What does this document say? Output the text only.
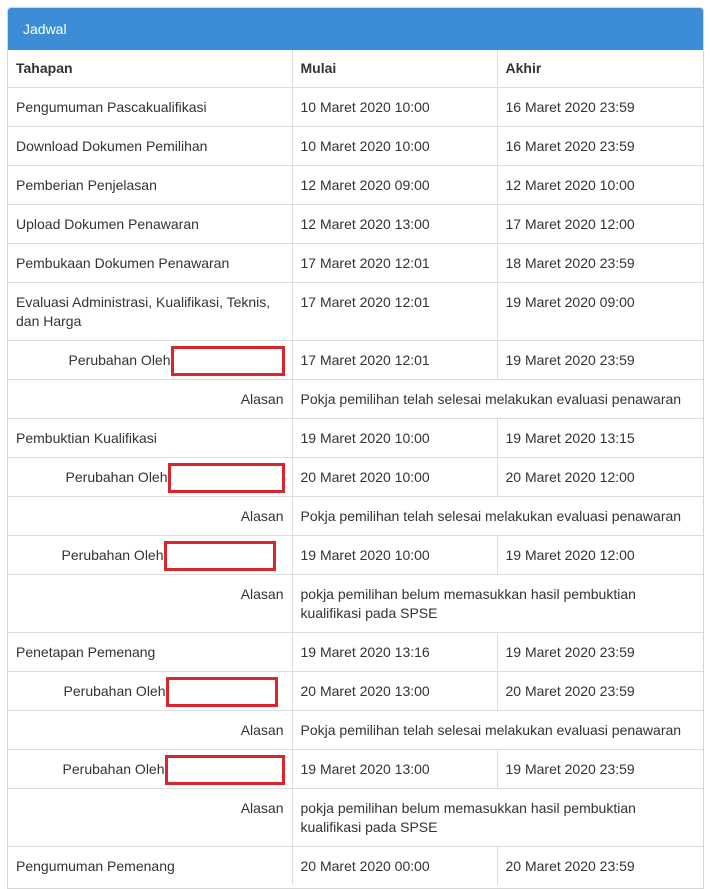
Jadwal
Tahapan	Mulai	Akhir
Pengumuman Pascakualifikasi	10 Maret 2020 10:00	16 Maret 2020 23:59
Download Dokumen Pemilihan	10 Maret 2020 10:00	16 Maret 2020 23:59
Pemberian Penjelasan	12 Maret 2020 09:00	12 Maret 2020 10:00
Upload Dokumen Penawaran	12 Maret 2020 13:00	17 Maret 2020 12:00
Pembukaan Dokumen Penawaran	17 Maret 2020 12:01	18 Maret 2020 23:59
Evaluasi Administrasi, Kualifikasi, Teknis, dan Harga	17 Maret 2020 12:01	19 Maret 2020 09:00

Perubahan Oleh	17 Maret 2020 12:01	19 Maret 2020 23:59
Alasan	Pokja pemilihan telah selesai melakukan evaluasi penawaran	
Pembuktian Kualifikasi	19 Maret 2020 10:00	19 Maret 2020 13:15

Perubahan Oleh	20 Maret 2020 10:00	20 Maret 2020 12:00
Alasan	Pokja pemilihan telah selesai melakukan evaluasi penawaran	

Perubahan Oleh	19 Maret 2020 10:00	19 Maret 2020 12:00
Alasan	pokja pemilihan belum memasukkan hasil pembuktian kualifikasi pada SPSE	
Penetapan Pemenang	19 Maret 2020 13:16	19 Maret 2020 23:59

Perubahan Oleh	20 Maret 2020 13:00	20 Maret 2020 23:59
Alasan	Pokja pemilihan telah selesai melakukan evaluasi penawaran	

Perubahan Oleh	19 Maret 2020 13:00	19 Maret 2020 23:59
Alasan	pokja pemilihan belum memasukkan hasil pembuktian kualifikasi pada SPSE	
Pengumuman Pemenang	20 Maret 2020 00:00	20 Maret 2020 23:59
